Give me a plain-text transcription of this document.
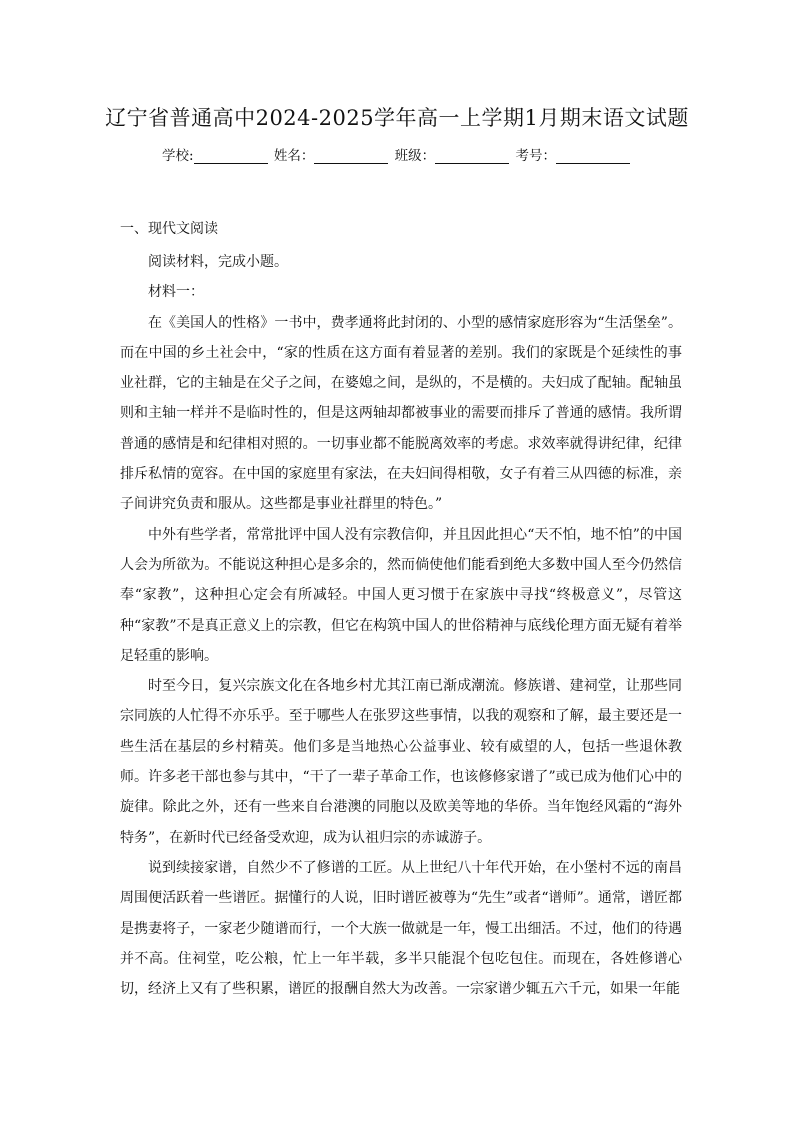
辽宁省普通高中2024-2025学年高一上学期1月期末语文试题
学校:	姓名：	班级：	考号：
一、现代文阅读

阅读材料，完成小题。

材料一：

在《美国人的性格》一书中，费孝通将此封闭的、小型的感情家庭形容为“生活堡垒”。而在中国的乡土社会中，“家的性质在这方面有着显著的差别。我们的家既是个延续性的事业社群，它的主轴是在父子之间，在婆媳之间，是纵的，不是横的。夫妇成了配轴。配轴虽则和主轴一样并不是临时性的，但是这两轴却都被事业的需要而排斥了普通的感情。我所谓普通的感情是和纪律相对照的。一切事业都不能脱离效率的考虑。求效率就得讲纪律，纪律排斥私情的宽容。在中国的家庭里有家法，在夫妇间得相敬，女子有着三从四德的标准，亲子间讲究负责和服从。这些都是事业社群里的特色。”

中外有些学者，常常批评中国人没有宗教信仰，并且因此担心“天不怕，地不怕”的中国人会为所欲为。不能说这种担心是多余的，然而倘使他们能看到绝大多数中国人至今仍然信奉“家教”，这种担心定会有所减轻。中国人更习惯于在家族中寻找“终极意义”，尽管这种“家教”不是真正意义上的宗教，但它在构筑中国人的世俗精神与底线伦理方面无疑有着举足轻重的影响。

时至今日，复兴宗族文化在各地乡村尤其江南已渐成潮流。修族谱、建祠堂，让那些同宗同族的人忙得不亦乐乎。至于哪些人在张罗这些事情，以我的观察和了解，最主要还是一些生活在基层的乡村精英。他们多是当地热心公益事业、较有威望的人，包括一些退休教师。许多老干部也参与其中，“干了一辈子革命工作，也该修修家谱了”或已成为他们心中的旋律。除此之外，还有一些来自台港澳的同胞以及欧美等地的华侨。当年饱经风霜的“海外特务”，在新时代已经备受欢迎，成为认祖归宗的赤诚游子。

说到续接家谱，自然少不了修谱的工匠。从上世纪八十年代开始，在小堡村不远的南昌周围便活跃着一些谱匠。据懂行的人说，旧时谱匠被尊为“先生”或者“谱师”。通常，谱匠都是携妻将子，一家老少随谱而行，一个大族一做就是一年，慢工出细活。不过，他们的待遇并不高。住祠堂，吃公粮，忙上一年半载，多半只能混个包吃包住。而现在，各姓修谱心切，经济上又有了些积累，谱匠的报酬自然大为改善。一宗家谱少辄五六千元，如果一年能
